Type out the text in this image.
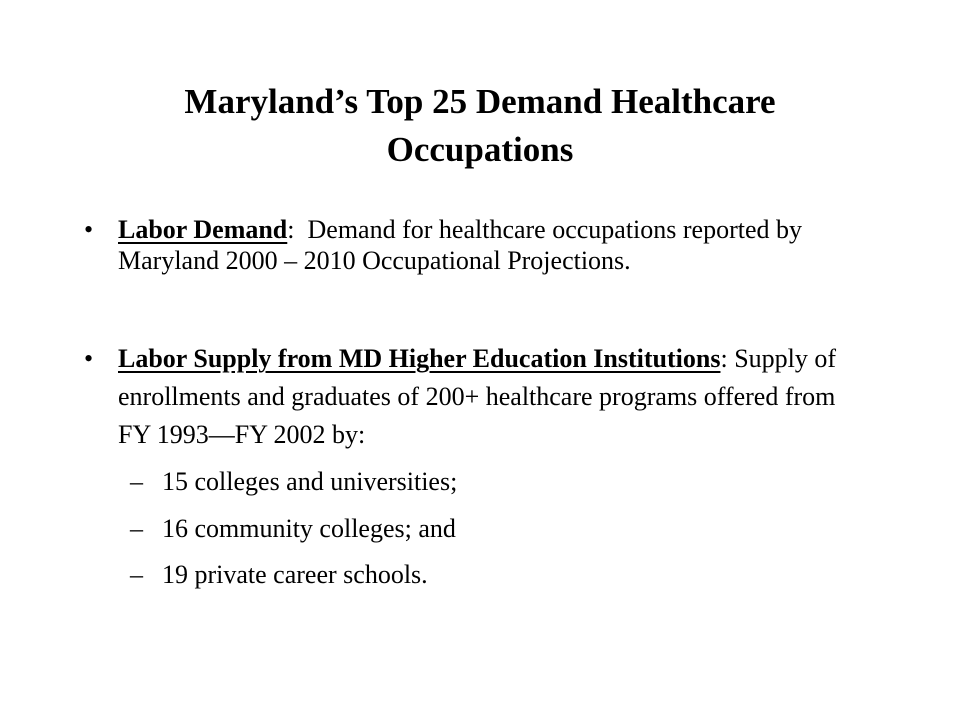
Maryland’s Top 25 Demand Healthcare
Occupations
• Labor Demand:  Demand for healthcare occupations reported by Maryland 2000 – 2010 Occupational Projections.
• Labor Supply from MD Higher Education Institutions: Supply of enrollments and graduates of 200+ healthcare programs offered from FY 1993—FY 2002 by:
– 15 colleges and universities;
– 16 community colleges; and
– 19 private career schools.
